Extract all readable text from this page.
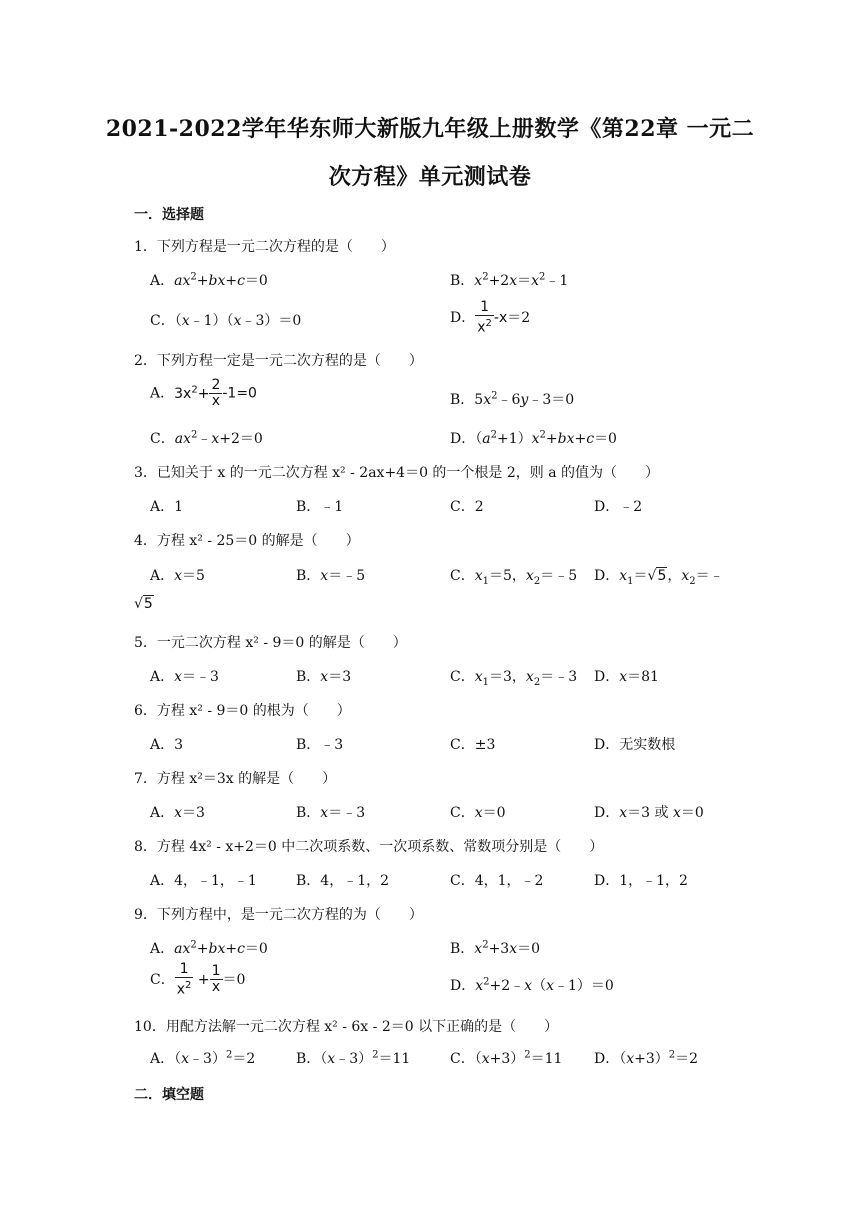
2021-2022学年华东师大新版九年级上册数学《第22章 一元二
次方程》单元测试卷
一．选择题
1．下列方程是一元二次方程的是（　　）
A．$ax^2+bx+c=0$	B．$x^2+2x=x^2﹣1$
C．（x﹣1）（x﹣3）＝0	D． $\frac{1}{x^2} -x=2$
2．下列方程一定是一元二次方程的是（　　）
A．$3x^2+ \frac{2}{x} -1=0$	B．$5x^2﹣6y﹣3=0$
C．$ax^2﹣x+2=0$	D．$(a^2+1)x^2+bx+c=0$
3．已知关于 x 的一元二次方程 x² - 2ax+4＝0 的一个根是 2，则 a 的值为（　　）
A．1	B．﹣1	C．2	D．﹣2
4．方程 x² - 25＝0 的解是（　　）
A．x＝5	B．x＝﹣5	C．$x_1=5$，$x_2=﹣5$ D．$x_1=√5$，$x_2=﹣$
√5
5．一元二次方程 x² - 9＝0 的解是（　　）
A．x＝﹣3	B．x＝3	C．$x_1=3$，$x_2=﹣3$ D．x＝81
6．方程 x² - 9＝0 的根为（　　）
A．3	B．﹣3	C．±3	D．无实数根
7．方程 x²＝3x 的解是（　　）
A．x＝3	B．x＝﹣3	C．x＝0	D．x＝3 或 x＝0
8．方程 4x² - x+2＝0 中二次项系数、一次项系数、常数项分别是（　　）
A．4，﹣1，﹣1	B．4，﹣1，2	C．4，1，﹣2	D．1，﹣1，2
9．下列方程中，是一元二次方程的为（　　）
A．$ax^2+bx+c=0$	B．$x^2+3x=0$
C． $\frac{1}{x^2} + \frac{1}{x} =0$	D．$x^2+2﹣x(x﹣1)=0$
10．用配方法解一元二次方程 x² - 6x - 2＝0 以下正确的是（　　）
A．（x﹣3）$^2$＝2	B．（x﹣3）$^2$＝11	C．$(x+3)^2=11$ D．$(x+3)^2=2$
二．填空题
